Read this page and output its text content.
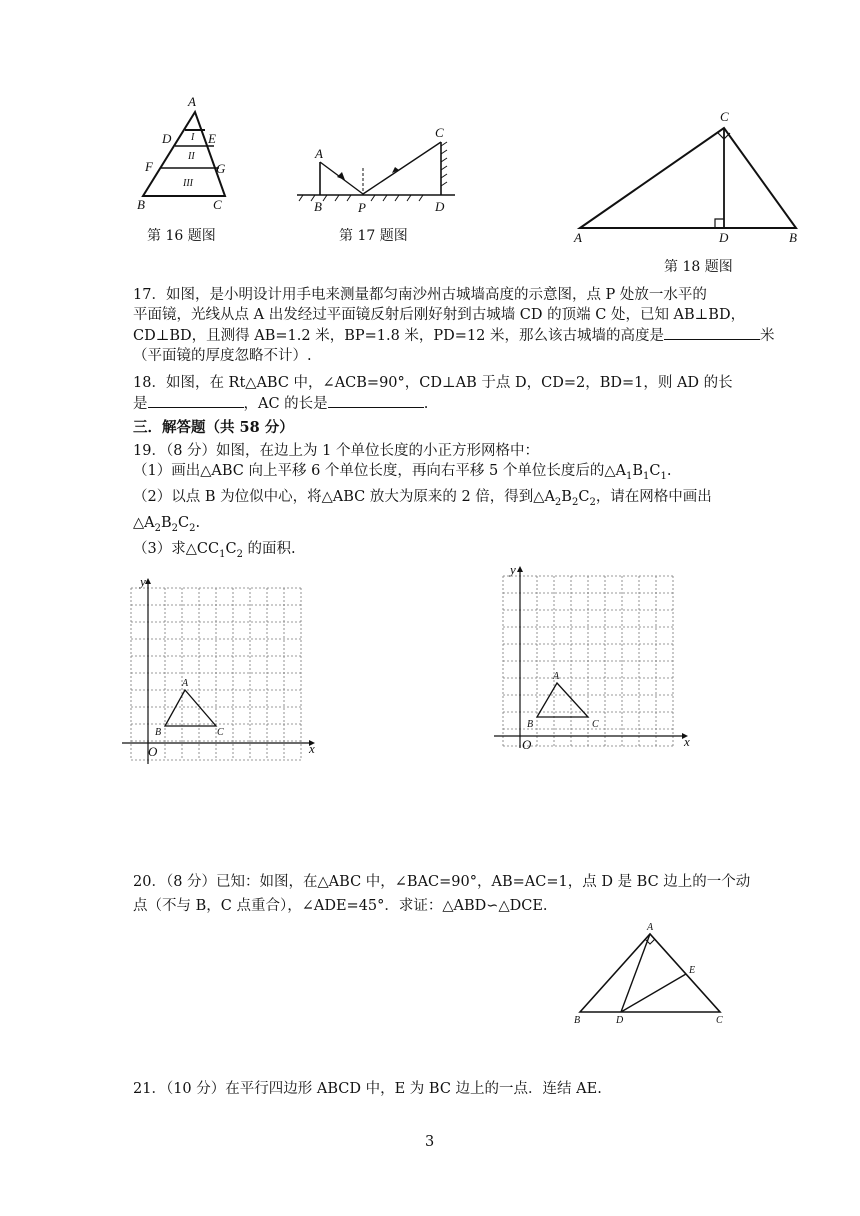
A
D	E
F	G
B	C
I
II
III
第 16 题图
A
B	P
C
D
第 17 题图
C
A	D	B
第 18 题图
17．如图，是小明设计用手电来测量都匀南沙州古城墙高度的示意图，点 P 处放一水平的
平面镜，光线从点 A 出发经过平面镜反射后刚好射到古城墙 CD 的顶端 C 处，已知 AB⊥BD，
CD⊥BD，且测得 AB=1.2 米，BP=1.8 米，PD=12 米，那么该古城墙的高度是	米
（平面镜的厚度忽略不计）.
18．如图，在 Rt△ABC 中，∠ACB=90°，CD⊥AB 于点 D，CD=2，BD=1，则 AD 的长
是	，AC 的长是	.
三．解答题（共 58 分）
19．（8 分）如图，在边上为 1 个单位长度的小正方形网格中：
（1）画出△ABC 向上平移 6 个单位长度，再向右平移 5 个单位长度后的$\triangle A_1B_1C_1$.
（2）以点 B 为位似中心，将△ABC 放大为原来的 2 倍，得到$\triangle A_2B_2C_2$，请在网格中画出
$\triangle A_2B_2C_2$.
（3）求$\triangle CC_1C_2$ 的面积.
y
x
O
A
B	C
y
x
O
A
B	C
20．（8 分）已知：如图，在△ABC 中，∠BAC=90°，AB=AC=1，点 D 是 BC 边上的一个动
点（不与 B，C 点重合），∠ADE=45°．求证：△ABD∽△DCE.
A
E
B	D	C
21．（10 分）在平行四边形 ABCD 中，E 为 BC 边上的一点．连结 AE.
3
